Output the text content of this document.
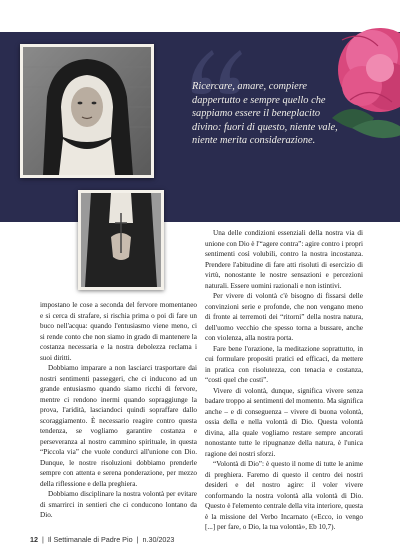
Ricercare, amare, compiere dappertutto e sempre quello che sappiamo essere il beneplacito divino: fuori di questo, niente vale, niente merita considerazione.

impostano le cose a seconda del fervore momentaneo e si cerca di strafare, si rischia prima o poi di fare un buco nell'acqua: quando l'entusiasmo viene meno, ci si rende conto che non siamo in grado di mantenere la costanza necessaria e la nostra debolezza reclama i suoi diritti.

Dobbiamo imparare a non lasciarci trasportare dai nostri sentimenti passeggeri, che ci inducono ad un grande entusiasmo quando siamo ricchi di fervore, mentre ci rendono inermi quando sopraggiunge la prova, l'aridità, lasciandoci quindi sopraffare dallo scoraggiamento. È necessario reagire contro questa tendenza, se vogliamo garantire costanza e perseveranza al nostro cammino spirituale, in questa “Piccola via” che vuole condurci all'unione con Dio. Dunque, le nostre risoluzioni dobbiamo prenderle sempre con attenta e serena ponderazione, per mezzo della riflessione e della preghiera.

Dobbiamo disciplinare la nostra volontà per evitare di smarrirci in sentieri che ci conducono lontano da Dio.

Una delle condizioni essenziali della nostra via di unione con Dio è l'“agere contra”: agire contro i propri sentimenti così volubili, contro la nostra incostanza. Prendere l'abitudine di fare atti risoluti di esercizio di virtù, nonostante le nostre sensazioni e percezioni naturali. Essere uomini razionali e non istintivi.

Per vivere di volontà c'è bisogno di fissarsi delle convinzioni serie e profonde, che non vengano meno di fronte ai terremoti dei “ritorni” della nostra natura, dell'uomo vecchio che spesso torna a bussare, anche con violenza, alla nostra porta.

Fare bene l'orazione, la meditazione soprattutto, in cui formulare propositi pratici ed efficaci, da mettere in pratica con risolutezza, con tenacia e costanza, “costi quel che costi”.

Vivere di volontà, dunque, significa vivere senza badare troppo ai sentimenti del momento. Ma significa anche – e di conseguenza – vivere di buona volontà, ossia della e nella volontà di Dio. Questa volontà divina, alla quale vogliamo restare sempre ancorati nonostante tutte le ripugnanze della natura, è l'unica ragione dei nostri sforzi.

“Volontà di Dio”: è questo il nome di tutte le anime di preghiera. Faremo di questo il centro dei nostri desideri e del nostro agire: il voler vivere conformando la nostra volontà alla volontà di Dio. Questo è l'elemento centrale della vita interiore, questa è la missione del Verbo Incarnato («Ecco, io vengo [...] per fare, o Dio, la tua volontà», Eb 10,7).

12 | Il Settimanale di Padre Pio | n.30/2023
